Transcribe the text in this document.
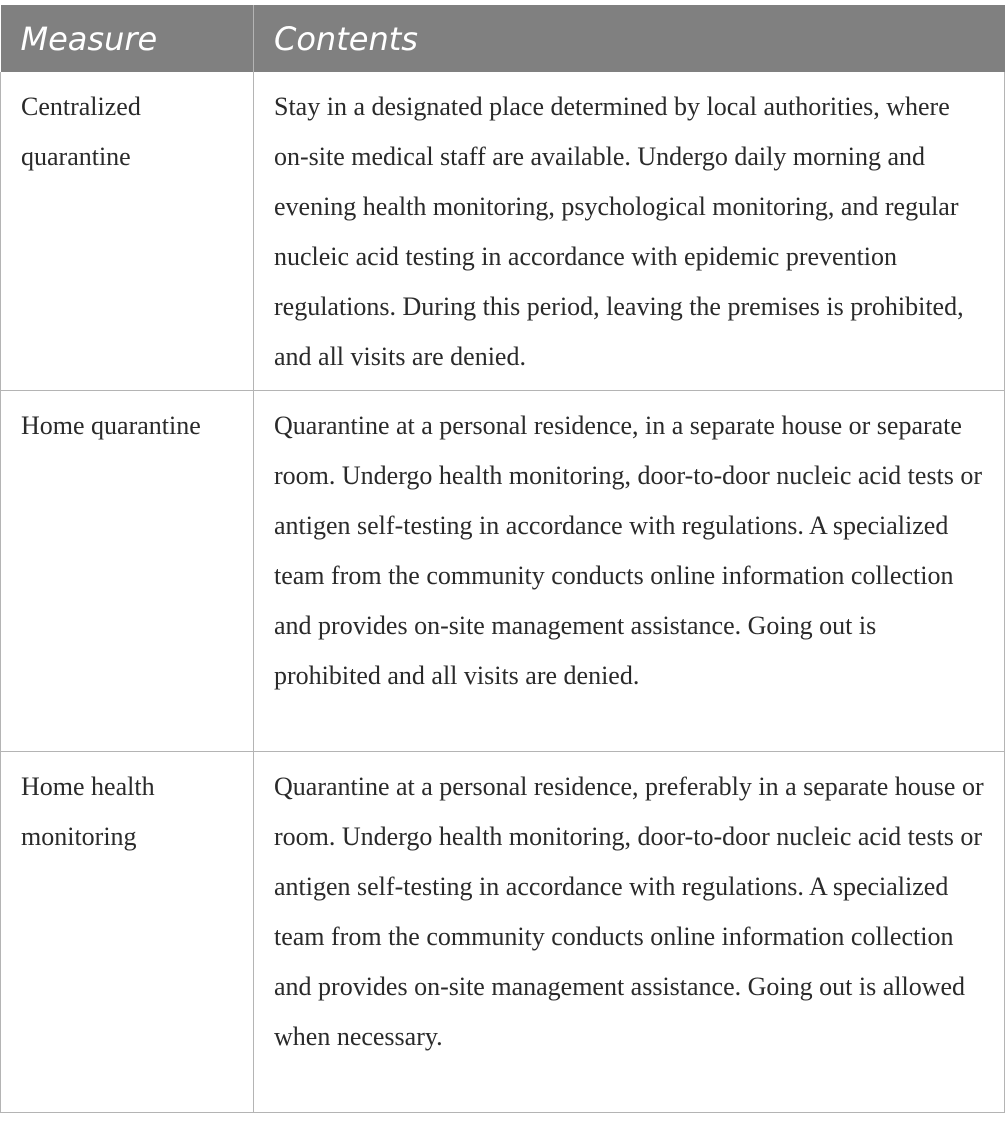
Measure	Contents
Centralized quarantine	Stay in a designated place determined by local authorities, where on-site medical staff are available. Undergo daily morning and evening health monitoring, psychological monitoring, and regular nucleic acid testing in accordance with epidemic prevention regulations. During this period, leaving the premises is prohibited, and all visits are denied.
Home quarantine	Quarantine at a personal residence, in a separate house or separate room. Undergo health monitoring, door-to-door nucleic acid tests or antigen self-testing in accordance with regulations. A specialized team from the community conducts online information collection and provides on-site management assistance. Going out is prohibited and all visits are denied.
Home health monitoring	Quarantine at a personal residence, preferably in a separate house or room. Undergo health monitoring, door-to-door nucleic acid tests or antigen self-testing in accordance with regulations. A specialized team from the community conducts online information collection and provides on-site management assistance. Going out is allowed when necessary.
